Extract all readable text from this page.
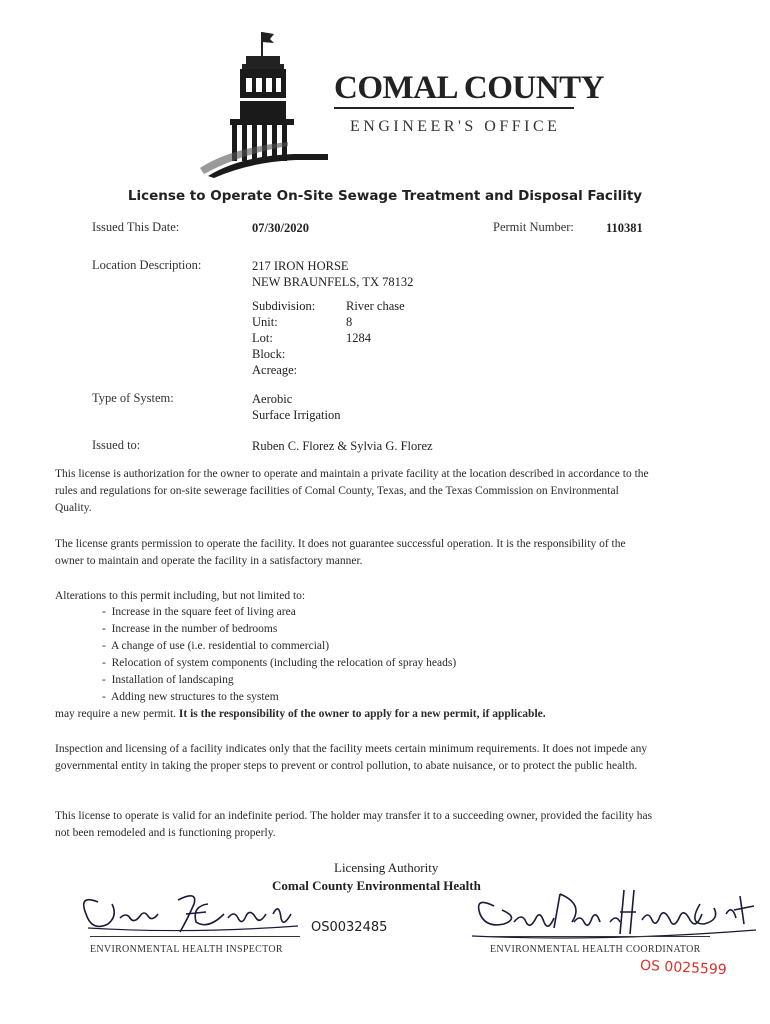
COMAL COUNTY
ENGINEER'S OFFICE
License to Operate On-Site Sewage Treatment and Disposal Facility
Issued This Date:	07/30/2020	Permit Number:	110381
Location Description:	217 IRON HORSE
NEW BRAUNFELS, TX 78132
Subdivision: River chase
Unit:	8
Lot:	1284
Block:
Acreage:
Type of System:	Aerobic
Surface Irrigation
Issued to:	Ruben C. Florez & Sylvia G. Florez
This license is authorization for the owner to operate and maintain a private facility at the location described in accordance to the rules and regulations for on-site sewerage facilities of Comal County, Texas, and the Texas Commission on Environmental Quality.
The license grants permission to operate the facility. It does not guarantee successful operation. It is the responsibility of the owner to maintain and operate the facility in a satisfactory manner.
Alterations to this permit including, but not limited to:
-  Increase in the square feet of living area
-  Increase in the number of bedrooms
-  A change of use (i.e. residential to commercial)
-  Relocation of system components (including the relocation of spray heads)
-  Installation of landscaping
-  Adding new structures to the system
may require a new permit. It is the responsibility of the owner to apply for a new permit, if applicable.
Inspection and licensing of a facility indicates only that the facility meets certain minimum requirements. It does not impede any governmental entity in taking the proper steps to prevent or control pollution, to abate nuisance, or to protect the public health.
This license to operate is valid for an indefinite period. The holder may transfer it to a succeeding owner, provided the facility has not been remodeled and is functioning properly.
Licensing Authority
Comal County Environmental Health
OS0032485
ENVIRONMENTAL HEALTH INSPECTOR	ENVIRONMENTAL HEALTH COORDINATOR
OS 0025599
